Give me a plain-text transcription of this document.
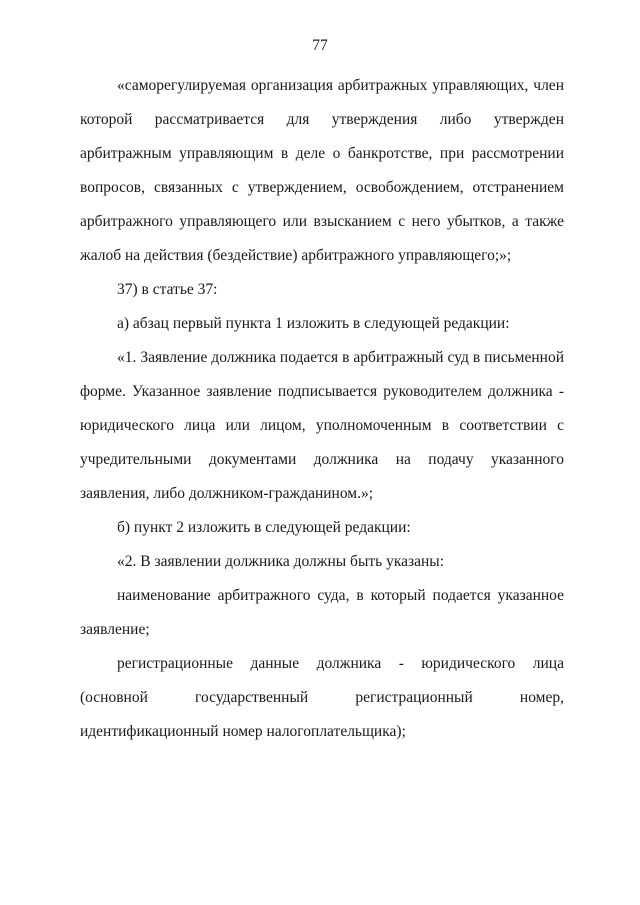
77

«саморегулируемая организация арбитражных управляющих, член которой рассматривается для утверждения либо утвержден арбитражным управляющим в деле о банкротстве, при рассмотрении вопросов, связанных с утверждением, освобождением, отстранением арбитражного управляющего или взысканием с него убытков, а также жалоб на действия (бездействие) арбитражного управляющего;»;

37) в статье 37:

а) абзац первый пункта 1 изложить в следующей редакции:

«1. Заявление должника подается в арбитражный суд в письменной форме. Указанное заявление подписывается руководителем должника - юридического лица или лицом, уполномоченным в соответствии с учредительными документами должника на подачу указанного заявления, либо должником-гражданином.»;

б) пункт 2 изложить в следующей редакции:

«2. В заявлении должника должны быть указаны:

наименование арбитражного суда, в который подается указанное заявление;

регистрационные данные должника - юридического лица (основной государственный регистрационный номер, идентификационный номер налогоплательщика);
